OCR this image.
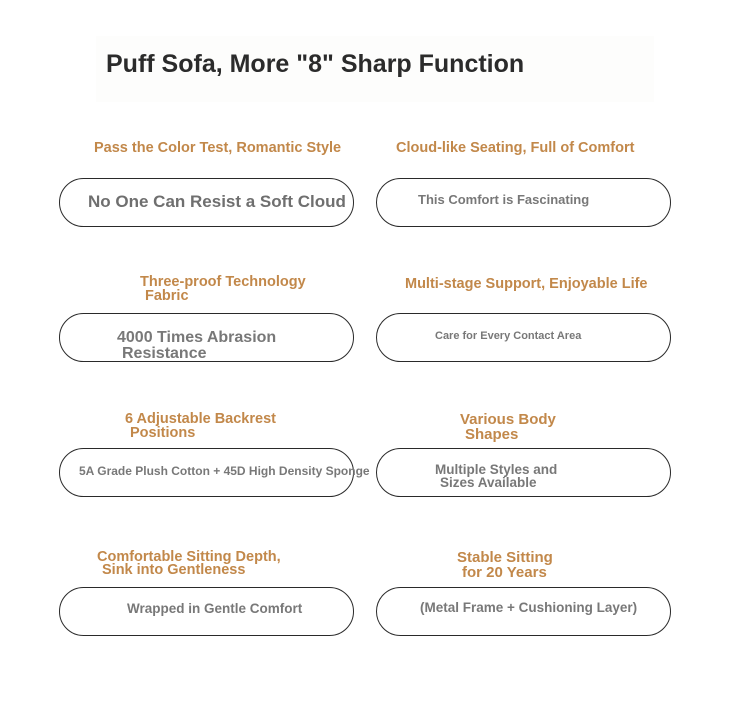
Puff Sofa, More "8" Sharp Function
Pass the Color Test, Romantic Style
No One Can Resist a Soft Cloud
Cloud-like Seating, Full of Comfort
This Comfort is Fascinating
Three-proof Technology
Fabric
4000 Times Abrasion
Resistance
Multi-stage Support, Enjoyable Life
Care for Every Contact Area
6 Adjustable Backrest
Positions
5A Grade Plush Cotton + 45D High Density Sponge
Various Body
Shapes
Multiple Styles and
Sizes Available
Comfortable Sitting Depth,
Sink into Gentleness
Wrapped in Gentle Comfort
Stable Sitting
for 20 Years
(Metal Frame + Cushioning Layer)
